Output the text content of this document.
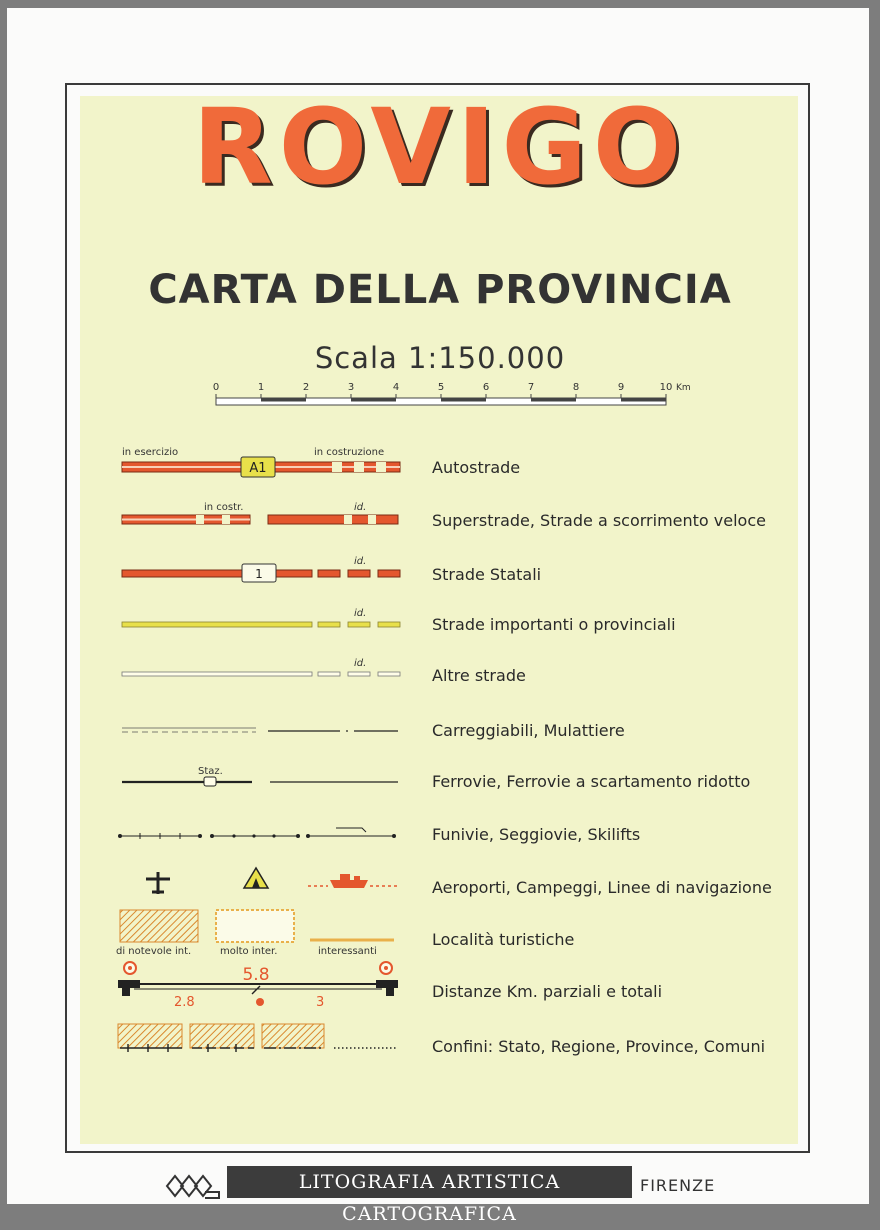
ROVIGO
CARTA DELLA PROVINCIA
Scala 1:150.000
0	1	2	3	4	5	6	7	8	9	10 Km
in esercizio	in costruzione
A1	Autostrade
in costr.	id.
Superstrade, Strade a scorrimento veloce
id.
1	Strade Statali
id.
Strade importanti o provinciali
id.
Altre strade
Carreggiabili, Mulattiere
Staz.
Ferrovie, Ferrovie a scartamento ridotto
Funivie, Seggiovie, Skilifts
Aeroporti, Campeggi, Linee di navigazione
di notevole int.	molto inter.	interessanti
Località turistiche
5.8
2.8	3
Distanze Km. parziali e totali
Confini: Stato, Regione, Province, Comuni
LITOGRAFIA ARTISTICA CARTOGRAFICA
FIRENZE
